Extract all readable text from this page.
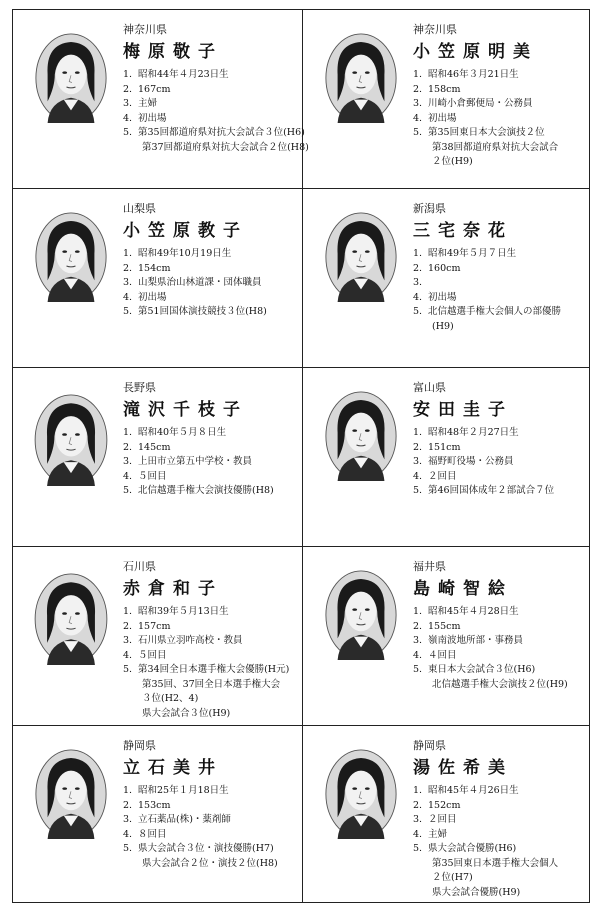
神奈川県
梅原敬子
1. 昭和44年４月23日生
2. 167cm
3. 主婦
4. 初出場
5. 第35回都道府県対抗大会試合３位(H6)
第37回都道府県対抗大会試合２位(H8)
神奈川県
小笠原明美
1. 昭和46年３月21日生
2. 158cm
3. 川崎小倉郵便局・公務員
4. 初出場
5. 第35回東日本大会演技２位
第38回都道府県対抗大会試合
２位(H9)
山梨県
小笠原教子
1. 昭和49年10月19日生
2. 154cm
3. 山梨県治山林道課・団体職員
4. 初出場
5. 第51回国体演技競技３位(H8)
新潟県
三宅奈花
1. 昭和49年５月７日生
2. 160cm
3.
4. 初出場
5. 北信越選手権大会個人の部優勝
(H9)
長野県
滝沢千枝子
1. 昭和40年５月８日生
2. 145cm
3. 上田市立第五中学校・教員
4. ５回目
5. 北信越選手権大会演技優勝(H8)
富山県
安田圭子
1. 昭和48年２月27日生
2. 151cm
3. 福野町役場・公務員
4. ２回目
5. 第46回国体成年２部試合７位
石川県
赤倉和子
1. 昭和39年５月13日生
2. 157cm
3. 石川県立羽咋高校・教員
4. ５回目
5. 第34回全日本選手権大会優勝(H元)
第35回、37回全日本選手権大会
３位(H2、4)
県大会試合３位(H9)
福井県
島崎智絵
1. 昭和45年４月28日生
2. 155cm
3. 嶺南波地所部・事務員
4. ４回目
5. 東日本大会試合３位(H6)
北信越選手権大会演技２位(H9)
静岡県
立石美井
1. 昭和25年１月18日生
2. 153cm
3. 立石薬品(株)・薬剤師
4. ８回目
5. 県大会試合３位・演技優勝(H7)
県大会試合２位・演技２位(H8)
静岡県
湯佐希美
1. 昭和45年４月26日生
2. 152cm
3. ２回目
4. 主婦
5. 県大会試合優勝(H6)
第35回東日本選手権大会個人
２位(H7)
県大会試合優勝(H9)
